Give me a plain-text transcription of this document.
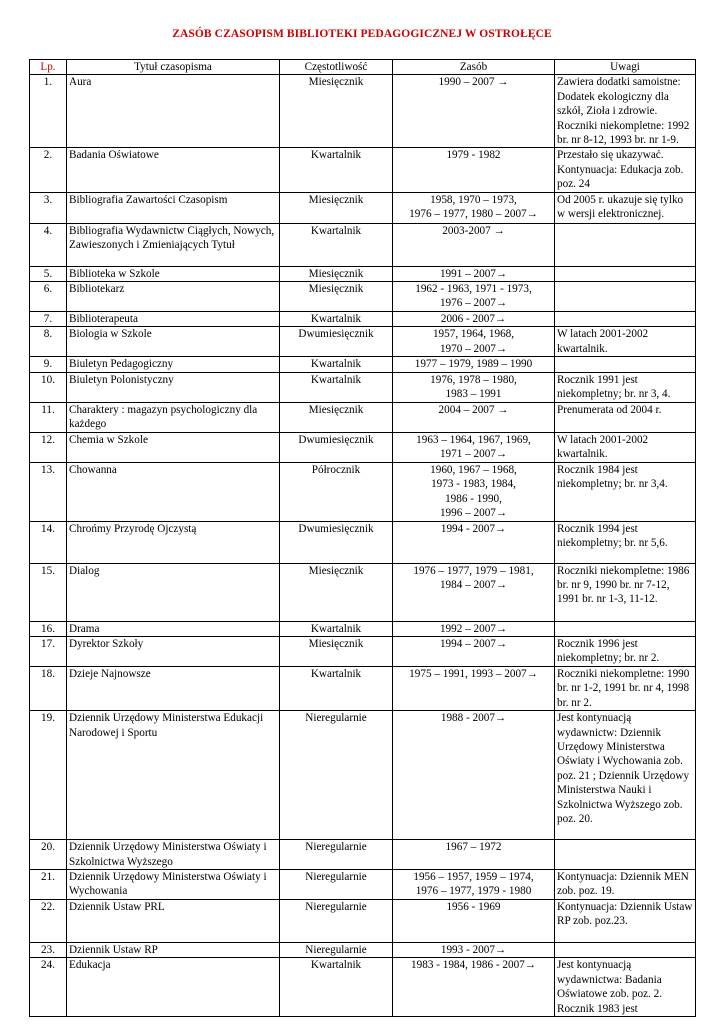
ZASÓB CZASOPISM BIBLIOTEKI PEDAGOGICZNEJ W OSTROŁĘCE
Lp.	Tytuł czasopisma	Częstotliwość	Zasób	Uwagi
1.	Aura	Miesięcznik	1990 – 2007 →	Zawiera dodatki samoistne: Dodatek ekologiczny dla szkół, Zioła i zdrowie. Roczniki niekompletne: 1992 br. nr 8-12, 1993 br. nr 1-9.
2.	Badania Oświatowe	Kwartalnik	1979 - 1982	Przestało się ukazywać. Kontynuacja: Edukacja zob. poz. 24
3.	Bibliografia Zawartości Czasopism	Miesięcznik	1958, 1970 – 1973,
1976 – 1977, 1980 – 2007→	Od 2005 r. ukazuje się tylko w wersji elektronicznej.
4.	Bibliografia Wydawnictw Ciągłych, Nowych, Zawieszonych i Zmieniających Tytuł	Kwartalnik	2003-2007 →	

5.	Biblioteka w Szkole	Miesięcznik	1991 – 2007→	

6.	Bibliotekarz	Miesięcznik	1962 - 1963, 1971 - 1973,
1976 – 2007→	

7.	Biblioterapeuta	Kwartalnik	2006 - 2007→	

8.	Biologia w Szkole	Dwumiesięcznik	1957, 1964, 1968,
1970 – 2007→	W latach 2001-2002 kwartalnik.
9.	Biuletyn Pedagogiczny	Kwartalnik	1977 – 1979, 1989 – 1990	

10.	Biuletyn Polonistyczny	Kwartalnik	1976, 1978 – 1980,
1983 – 1991	Rocznik 1991 jest niekompletny; br. nr 3, 4.
11.	Charaktery : magazyn psychologiczny dla każdego	Miesięcznik	2004 – 2007 →	Prenumerata od 2004 r.
12.	Chemia w Szkole	Dwumiesięcznik	1963 – 1964, 1967, 1969,
1971 – 2007→	W latach 2001-2002 kwartalnik.
13.	Chowanna	Półrocznik	1960, 1967 – 1968,
1973 - 1983, 1984,
1986 - 1990,
1996 – 2007→	Rocznik 1984 jest niekompletny; br. nr 3,4.
14.	Chrońmy Przyrodę Ojczystą	Dwumiesięcznik	1994 - 2007→	Rocznik 1994 jest niekompletny; br. nr 5,6.
15.	Dialog	Miesięcznik	1976 – 1977, 1979 – 1981,
1984 – 2007→	Roczniki niekompletne: 1986 br. nr 9, 1990 br. nr 7-12, 1991 br. nr 1-3, 11-12.
16.	Drama	Kwartalnik	1992 – 2007→	

17.	Dyrektor Szkoły	Miesięcznik	1994 – 2007→	Rocznik 1996 jest niekompletny; br. nr 2.
18.	Dzieje Najnowsze	Kwartalnik	1975 – 1991, 1993 – 2007→	Roczniki niekompletne: 1990 br. nr 1-2, 1991 br. nr 4, 1998 br. nr 2.
19.	Dziennik Urzędowy Ministerstwa Edukacji Narodowej i Sportu	Nieregularnie	1988 - 2007→	Jest kontynuacją wydawnictw: Dziennik Urzędowy Ministerstwa Oświaty i Wychowania zob. poz. 21 ; Dziennik Urzędowy Ministerstwa Nauki i Szkolnictwa Wyższego zob. poz. 20.
20.	Dziennik Urzędowy Ministerstwa Oświaty i Szkolnictwa Wyższego	Nieregularnie	1967 – 1972	

21.	Dziennik Urzędowy Ministerstwa Oświaty i Wychowania	Nieregularnie	1956 – 1957, 1959 – 1974,
1976 – 1977, 1979 - 1980	Kontynuacja: Dziennik MEN zob. poz. 19.
22.	Dziennik Ustaw PRL	Nieregularnie	1956 - 1969	Kontynuacja: Dziennik Ustaw RP zob. poz.23.
23.	Dziennik Ustaw RP	Nieregularnie	1993 - 2007→	

24.	Edukacja	Kwartalnik	1983 - 1984, 1986 - 2007→	Jest kontynuacją wydawnictwa: Badania Oświatowe zob. poz. 2. Rocznik 1983 jest
